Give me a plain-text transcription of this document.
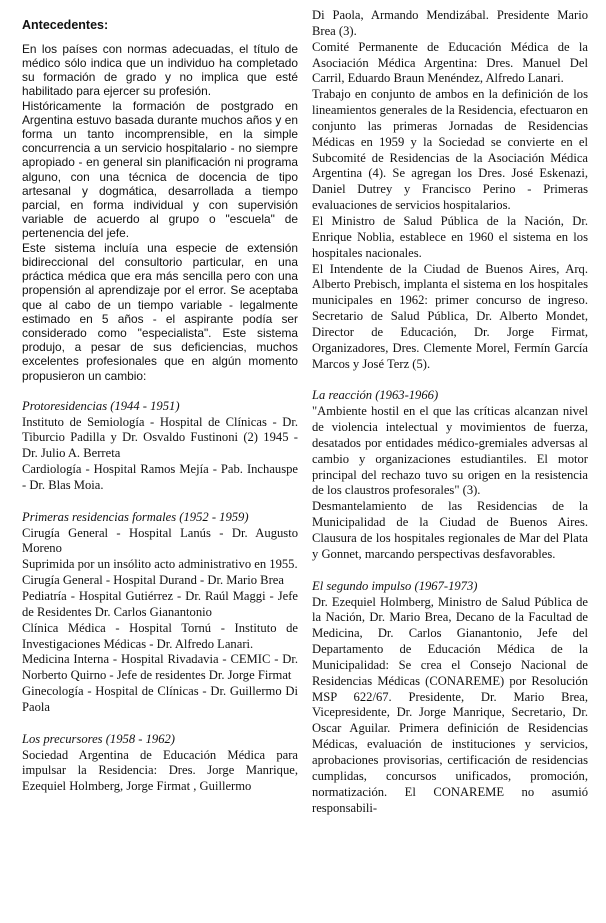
Antecedentes:

En los países con normas adecuadas, el título de médico sólo indica que un individuo ha completado su formación de grado y no implica que esté habilitado para ejercer su profesión.

Históricamente la formación de postgrado en Argentina estuvo basada durante muchos años y en forma un tanto incomprensible, en la simple concurrencia a un servicio hospitalario - no siempre apropiado - en general sin planificación ni programa alguno, con una técnica de docencia de tipo artesanal y dogmática, desarrollada a tiempo parcial, en forma individual y con supervisión variable de acuerdo al grupo o "escuela" de pertenencia del jefe.

Este sistema incluía una especie de extensión bidireccional del consultorio particular, en una práctica médica que era más sencilla pero con una propensión al aprendizaje por el error. Se aceptaba que al cabo de un tiempo variable - legalmente estimado en 5 años - el aspirante podía ser considerado como "especialista". Este sistema produjo, a pesar de sus deficiencias, muchos excelentes profesionales que en algún momento propusieron un cambio:

Protoresidencias (1944 - 1951)

Instituto de Semiología - Hospital de Clínicas - Dr. Tiburcio Padilla y Dr. Osvaldo Fustinoni (2) 1945 - Dr. Julio A. Berreta

Cardiología - Hospital Ramos Mejía - Pab. Inchauspe - Dr. Blas Moia.

Primeras residencias formales (1952 - 1959)

Cirugía General - Hospital Lanús - Dr. Augusto Moreno

Suprimida por un insólito acto administrativo en 1955.

Cirugía General - Hospital Durand - Dr. Mario Brea

Pediatría - Hospital Gutiérrez - Dr. Raúl Maggi - Jefe de Residentes Dr. Carlos Gianantonio

Clínica Médica - Hospital Tornú - Instituto de Investigaciones Médicas - Dr. Alfredo Lanari.

Medicina Interna - Hospital Rivadavia - CEMIC - Dr. Norberto Quirno - Jefe de residentes Dr. Jorge Firmat

Ginecología - Hospital de Clínicas - Dr. Guillermo Di Paola

Los precursores (1958 - 1962)

Sociedad Argentina de Educación Médica para impulsar la Residencia: Dres. Jorge Manrique, Ezequiel Holmberg, Jorge Firmat , Guillermo

Di Paola, Armando Mendizábal. Presidente Mario Brea (3).

Comité Permanente de Educación Médica de la Asociación Médica Argentina: Dres. Manuel Del Carril, Eduardo Braun Menéndez, Alfredo Lanari.

Trabajo en conjunto de ambos en la definición de los lineamientos generales de la Residencia, efectuaron en conjunto las primeras Jornadas de Residencias Médicas en 1959 y la Sociedad se convierte en el Subcomité de Residencias de la Asociación Médica Argentina (4). Se agregan los Dres. José Eskenazi, Daniel Dutrey y Francisco Perino - Primeras evaluaciones de servicios hospitalarios.

El Ministro de Salud Pública de la Nación, Dr. Enrique Noblia, establece en 1960 el sistema en los hospitales nacionales.

El Intendente de la Ciudad de Buenos Aires, Arq. Alberto Prebisch, implanta el sistema en los hospitales municipales en 1962: primer concurso de ingreso. Secretario de Salud Pública, Dr. Alberto Mondet, Director de Educación, Dr. Jorge Firmat, Organizadores, Dres. Clemente Morel, Fermín García Marcos y José Terz (5).

La reacción (1963-1966)

"Ambiente hostil en el que las críticas alcanzan nivel de violencia intelectual y movimientos de fuerza, desatados por entidades médico-gremiales adversas al cambio y organizaciones estudiantiles. El motor principal del rechazo tuvo su origen en la resistencia de los claustros profesorales" (3).

Desmantelamiento de las Residencias de la Municipalidad de la Ciudad de Buenos Aires. Clausura de los hospitales regionales de Mar del Plata y Gonnet, marcando perspectivas desfavorables.

El segundo impulso (1967-1973)

Dr. Ezequiel Holmberg, Ministro de Salud Pública de la Nación, Dr. Mario Brea, Decano de la Facultad de Medicina, Dr. Carlos Gianantonio, Jefe del Departamento de Educación Médica de la Municipalidad: Se crea el Consejo Nacional de Residencias Médicas (CONAREME) por Resolución MSP 622/67. Presidente, Dr. Mario Brea, Vicepresidente, Dr. Jorge Manrique, Secretario, Dr. Oscar Aguilar. Primera definición de Residencias Médicas, evaluación de instituciones y servicios, aprobaciones provisorias, certificación de residencias cumplidas, concursos unificados, promoción, normatización. El CONAREME no asumió responsabili-
